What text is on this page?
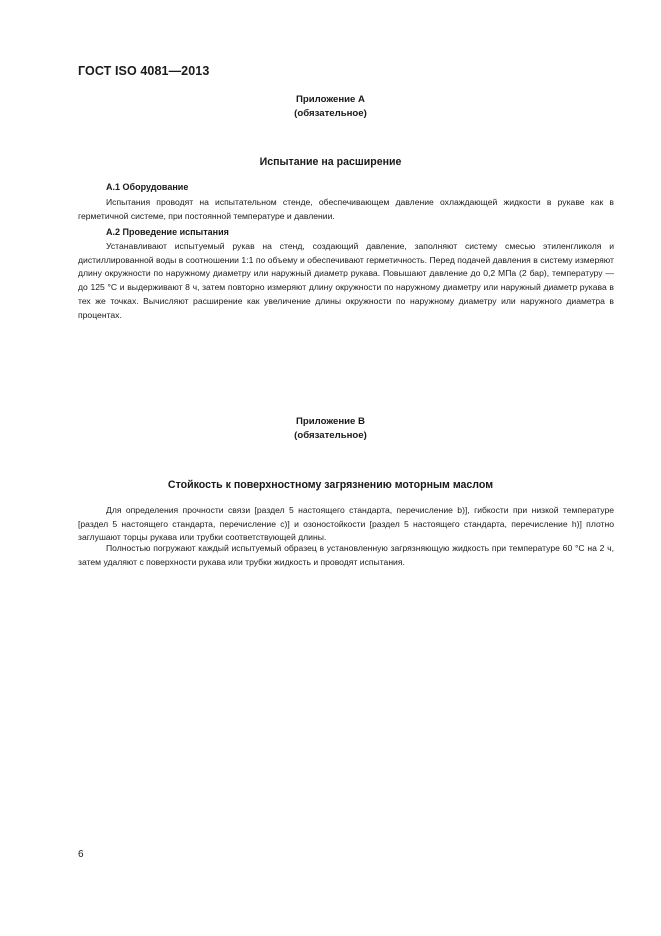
ГОСТ ISO 4081—2013
Приложение А
(обязательное)
Испытание на расширение
А.1 Оборудование

Испытания проводят на испытательном стенде, обеспечивающем давление охлаждающей жидкости в рукаве как в герметичной системе, при постоянной температуре и давлении.

А.2 Проведение испытания

Устанавливают испытуемый рукав на стенд, создающий давление, заполняют систему смесью этиленгликоля и дистиллированной воды в соотношении 1:1 по объему и обеспечивают герметичность. Перед подачей давления в систему измеряют длину окружности по наружному диаметру или наружный диаметр рукава. Повышают давление до 0,2 МПа (2 бар), температуру — до 125 °С и выдерживают 8 ч, затем повторно измеряют длину окружности по наружному диаметру или наружный диаметр рукава в тех же точках. Вычисляют расширение как увеличение длины окружности по наружному диаметру или наружного диаметра в процентах.

Приложение В
(обязательное)
Стойкость к поверхностному загрязнению моторным маслом

Для определения прочности связи [раздел 5 настоящего стандарта, перечисление b)], гибкости при низкой температуре [раздел 5 настоящего стандарта, перечисление c)] и озоностойкости [раздел 5 настоящего стандарта, перечисление h)] плотно заглушают торцы рукава или трубки соответствующей длины.

Полностью погружают каждый испытуемый образец в установленную загрязняющую жидкость при температуре 60 °С на 2 ч, затем удаляют с поверхности рукава или трубки жидкость и проводят испытания.

6
